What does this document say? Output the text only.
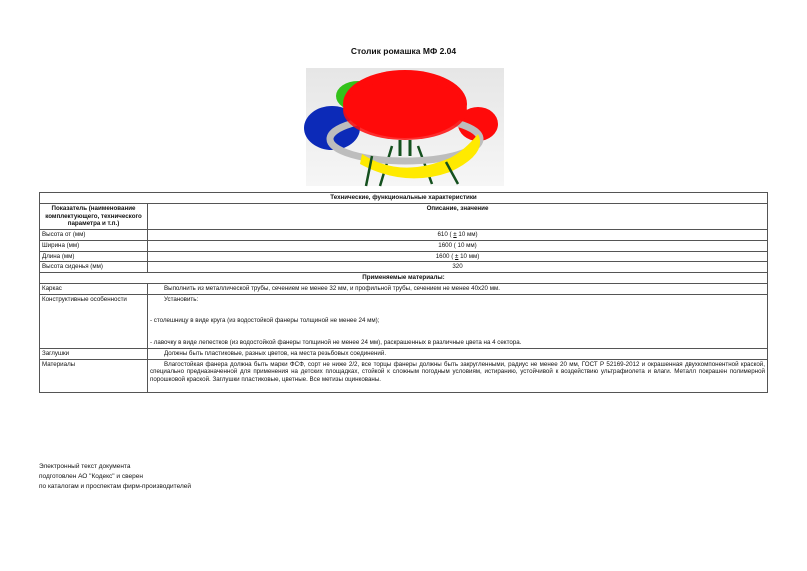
Столик ромашка МФ 2.04
Технические, функциональные характеристики	
Показатель (наименование комплектующего, технического параметра и т.п.)	Описание, значение
Высота от (мм)	610 ( ± 10 мм)
Ширина (мм)	1600 ( 10 мм)
Длина (мм)	1600 ( ± 10 мм)
Высота сиденья (мм)	320
Применяемые материалы:	
Каркас	Выполнить из металлической трубы, сечением не менее 32 мм, и профильной трубы, сечением не менее 40х20 мм.
Конструктивные особенности	Установить:
- столешницу в виде круга (из водостойкой фанеры толщиной не менее 24 мм);
- лавочку в виде лепестков (из водостойкой фанеры толщиной не менее 24 мм), раскрашенных в различные цвета на 4 сектора.

Заглушки	Должны быть пластиковые, разных цветов, на места резьбовых соединений.
Материалы	Влагостойкая фанера должна быть марки ФСФ, сорт не ниже 2/2, все торцы фанеры должны быть закругленными, радиус не менее 20 мм, ГОСТ Р 52169-2012 и окрашенная двухкомпонентной краской, специально предназначенной для применения на детских площадках, стойкой к сложным погодным условиям, истиранию, устойчивой к воздействию ультрафиолета и влаги. Металл покрашен полимерной порошковой краской. Заглушки пластиковые, цветные. Все метизы оцинкованы.
Электронный текст документа
подготовлен АО "Кодекс" и сверен
по каталогам и проспектам фирм-производителей
